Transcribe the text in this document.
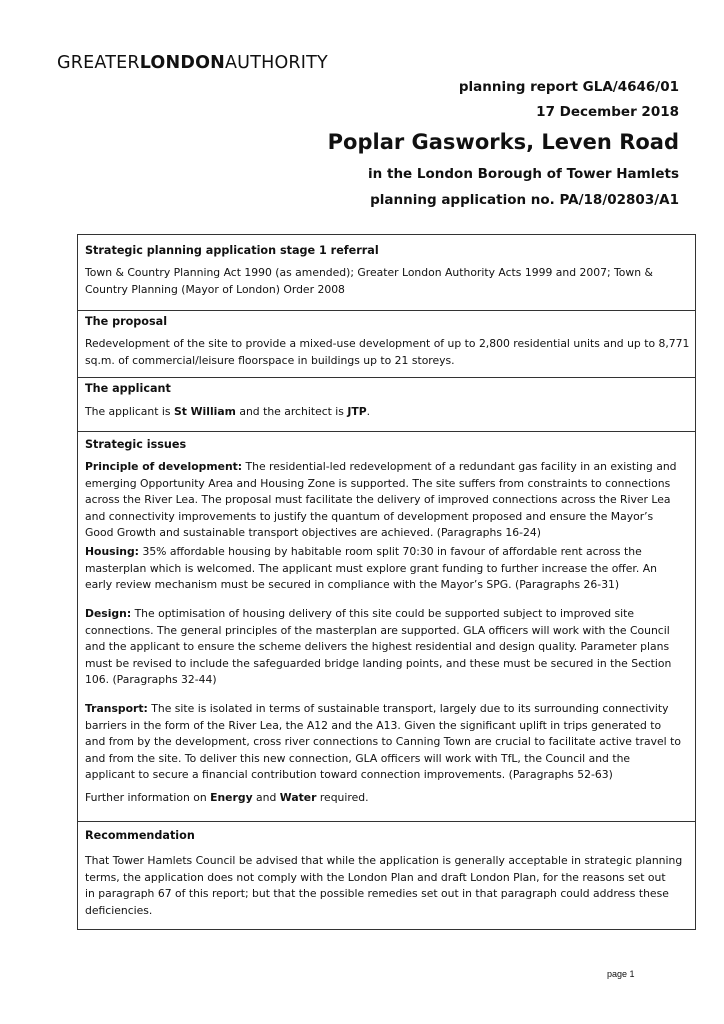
GREATERLONDONAUTHORITY
planning report GLA/4646/01
17 December 2018
Poplar Gasworks, Leven Road
in the London Borough of Tower Hamlets
planning application no. PA/18/02803/A1
Strategic planning application stage 1 referral
Town & Country Planning Act 1990 (as amended); Greater London Authority Acts 1999 and 2007; Town &
Country Planning (Mayor of London) Order 2008
The proposal
Redevelopment of the site to provide a mixed-use development of up to 2,800 residential units and up to 8,771
sq.m. of commercial/leisure floorspace in buildings up to 21 storeys.
The applicant
The applicant is St William and the architect is JTP.
Strategic issues
Principle of development: The residential-led redevelopment of a redundant gas facility in an existing and
emerging Opportunity Area and Housing Zone is supported. The site suffers from constraints to connections
across the River Lea. The proposal must facilitate the delivery of improved connections across the River Lea
and connectivity improvements to justify the quantum of development proposed and ensure the Mayor’s
Good Growth and sustainable transport objectives are achieved. (Paragraphs 16-24)
Housing: 35% affordable housing by habitable room split 70:30 in favour of affordable rent across the
masterplan which is welcomed. The applicant must explore grant funding to further increase the offer. An
early review mechanism must be secured in compliance with the Mayor’s SPG. (Paragraphs 26-31)
Design: The optimisation of housing delivery of this site could be supported subject to improved site
connections. The general principles of the masterplan are supported. GLA officers will work with the Council
and the applicant to ensure the scheme delivers the highest residential and design quality. Parameter plans
must be revised to include the safeguarded bridge landing points, and these must be secured in the Section
106. (Paragraphs 32-44)
Transport: The site is isolated in terms of sustainable transport, largely due to its surrounding connectivity
barriers in the form of the River Lea, the A12 and the A13. Given the significant uplift in trips generated to
and from by the development, cross river connections to Canning Town are crucial to facilitate active travel to
and from the site. To deliver this new connection, GLA officers will work with TfL, the Council and the
applicant to secure a financial contribution toward connection improvements. (Paragraphs 52-63)
Further information on Energy and Water required.
Recommendation
That Tower Hamlets Council be advised that while the application is generally acceptable in strategic planning
terms, the application does not comply with the London Plan and draft London Plan, for the reasons set out
in paragraph 67 of this report; but that the possible remedies set out in that paragraph could address these
deficiencies.
page 1
